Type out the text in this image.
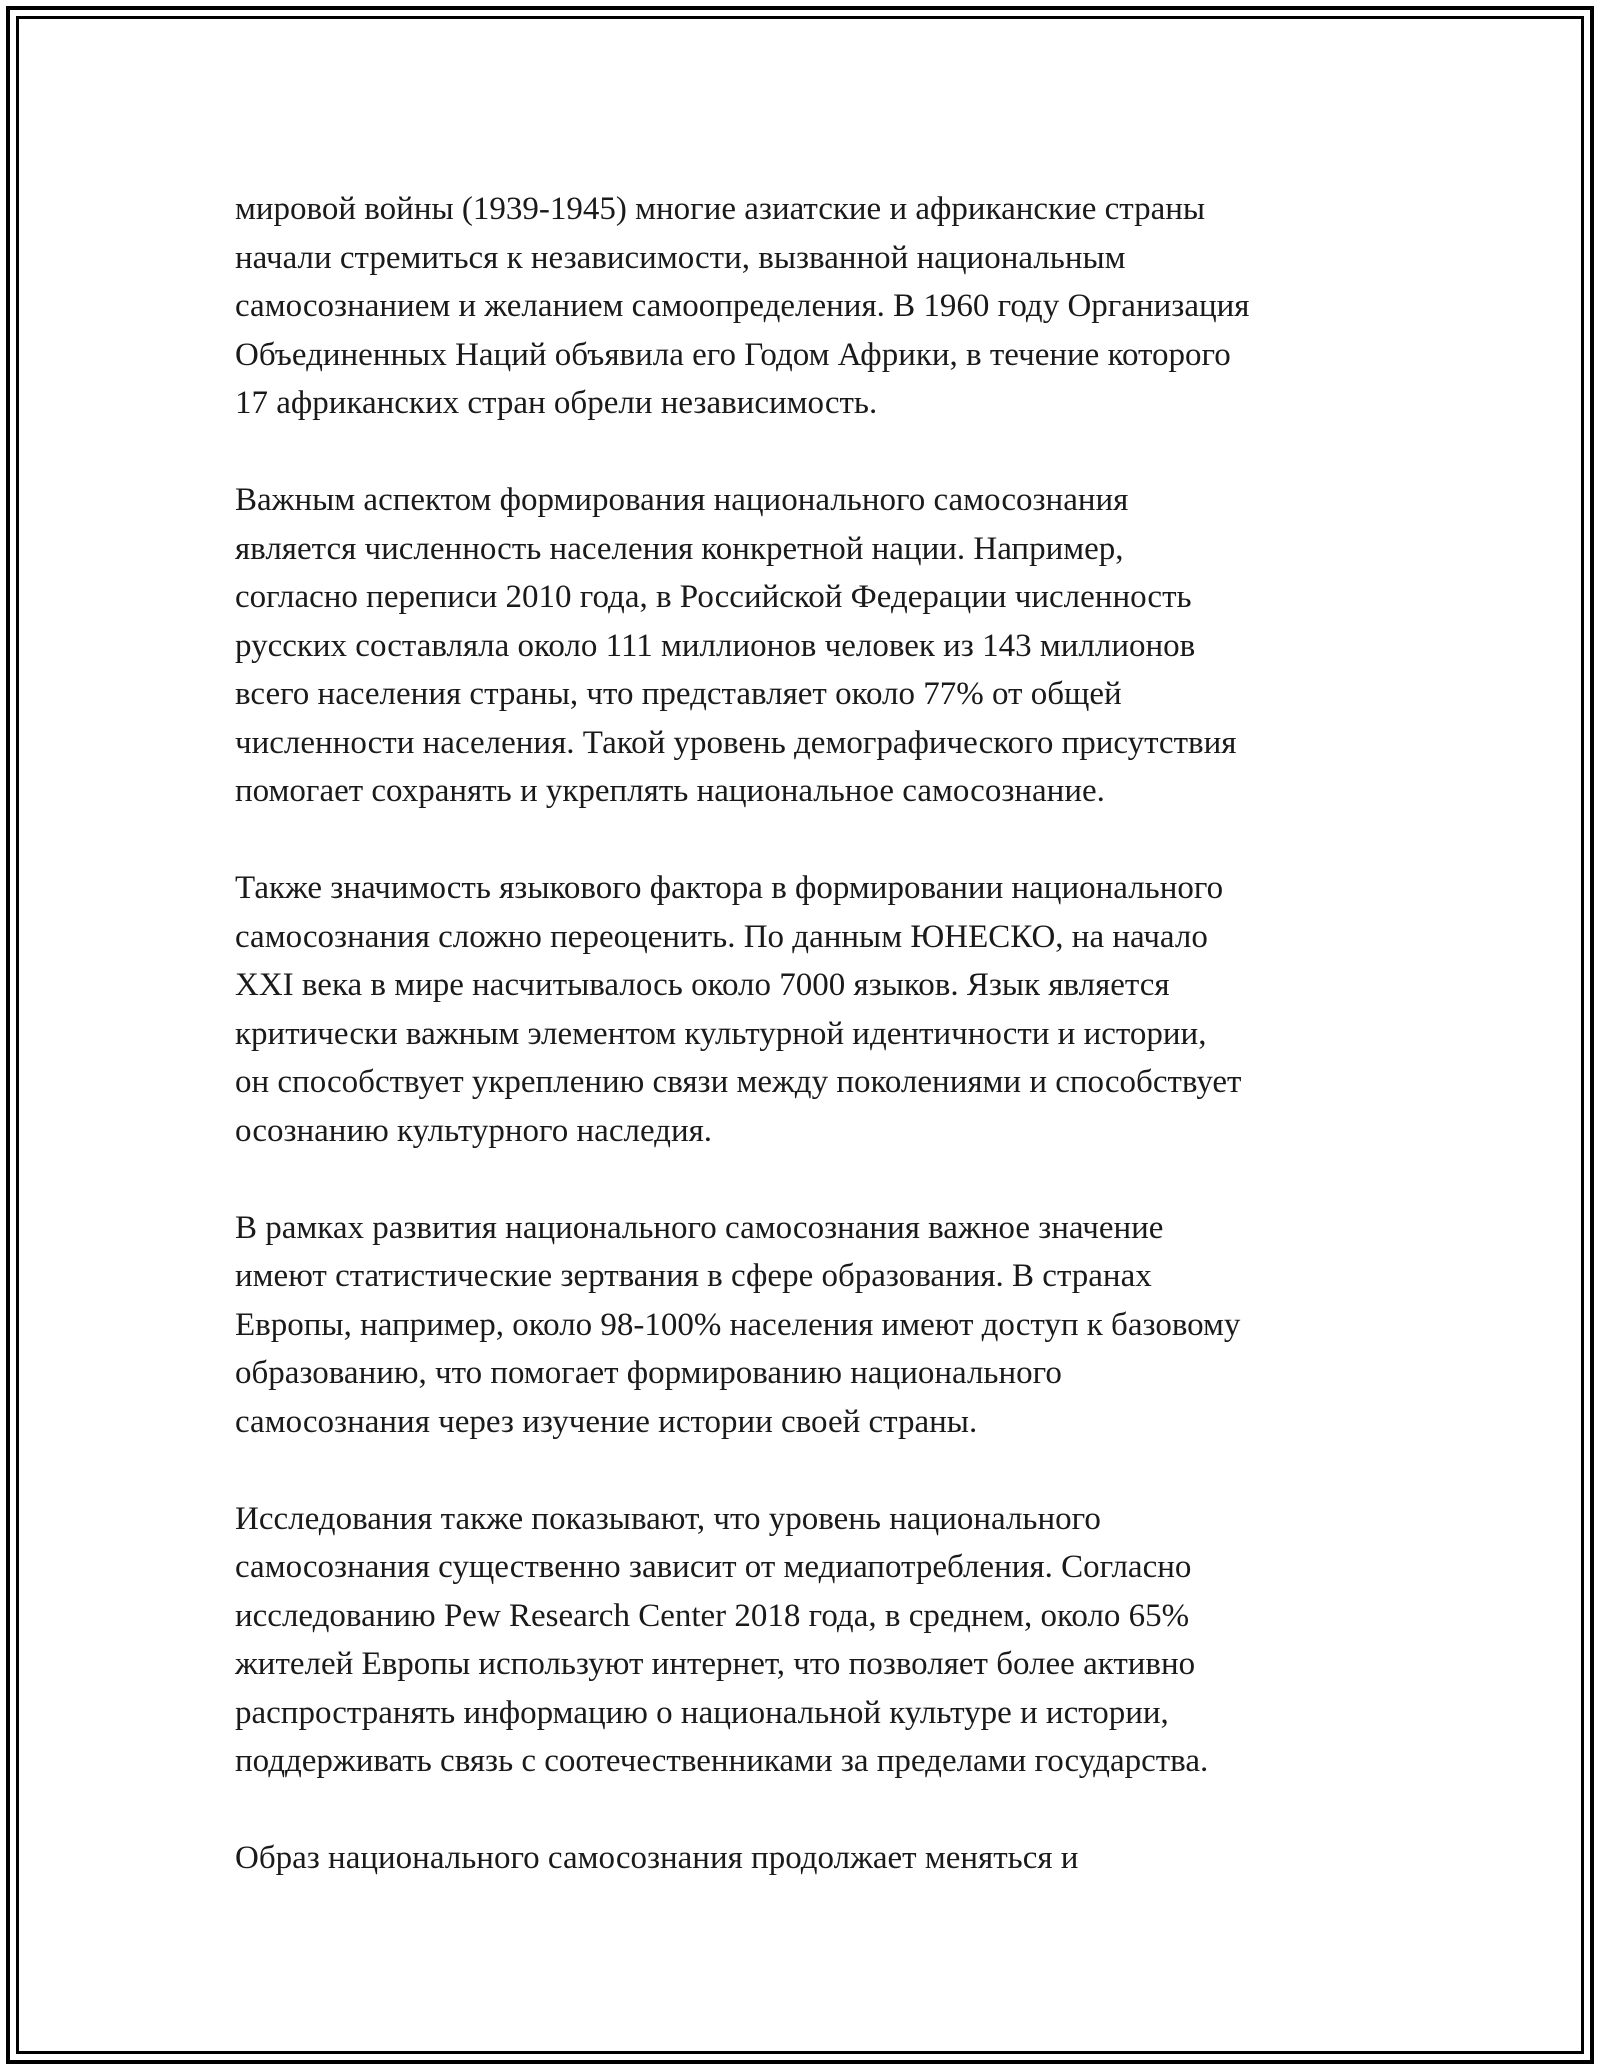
мировой войны (1939-1945) многие азиатские и африканские страны
начали стремиться к независимости, вызванной национальным
самосознанием и желанием самоопределения. В 1960 году Организация
Объединенных Наций объявила его Годом Африки, в течение которого
17 африканских стран обрели независимость.

Важным аспектом формирования национального самосознания
является численность населения конкретной нации. Например,
согласно переписи 2010 года, в Российской Федерации численность
русских составляла около 111 миллионов человек из 143 миллионов
всего населения страны, что представляет около 77% от общей
численности населения. Такой уровень демографического присутствия
помогает сохранять и укреплять национальное самосознание.

Также значимость языкового фактора в формировании национального
самосознания сложно переоценить. По данным ЮНЕСКО, на начало
XXI века в мире насчитывалось около 7000 языков. Язык является
критически важным элементом культурной идентичности и истории,
он способствует укреплению связи между поколениями и способствует
осознанию культурного наследия.

В рамках развития национального самосознания важное значение
имеют статистические зертвания в сфере образования. В странах
Европы, например, около 98-100% населения имеют доступ к базовому
образованию, что помогает формированию национального
самосознания через изучение истории своей страны.

Исследования также показывают, что уровень национального
самосознания существенно зависит от медиапотребления. Согласно
исследованию Pew Research Center 2018 года, в среднем, около 65%
жителей Европы используют интернет, что позволяет более активно
распространять информацию о национальной культуре и истории,
поддерживать связь с соотечественниками за пределами государства.

Образ национального самосознания продолжает меняться и
